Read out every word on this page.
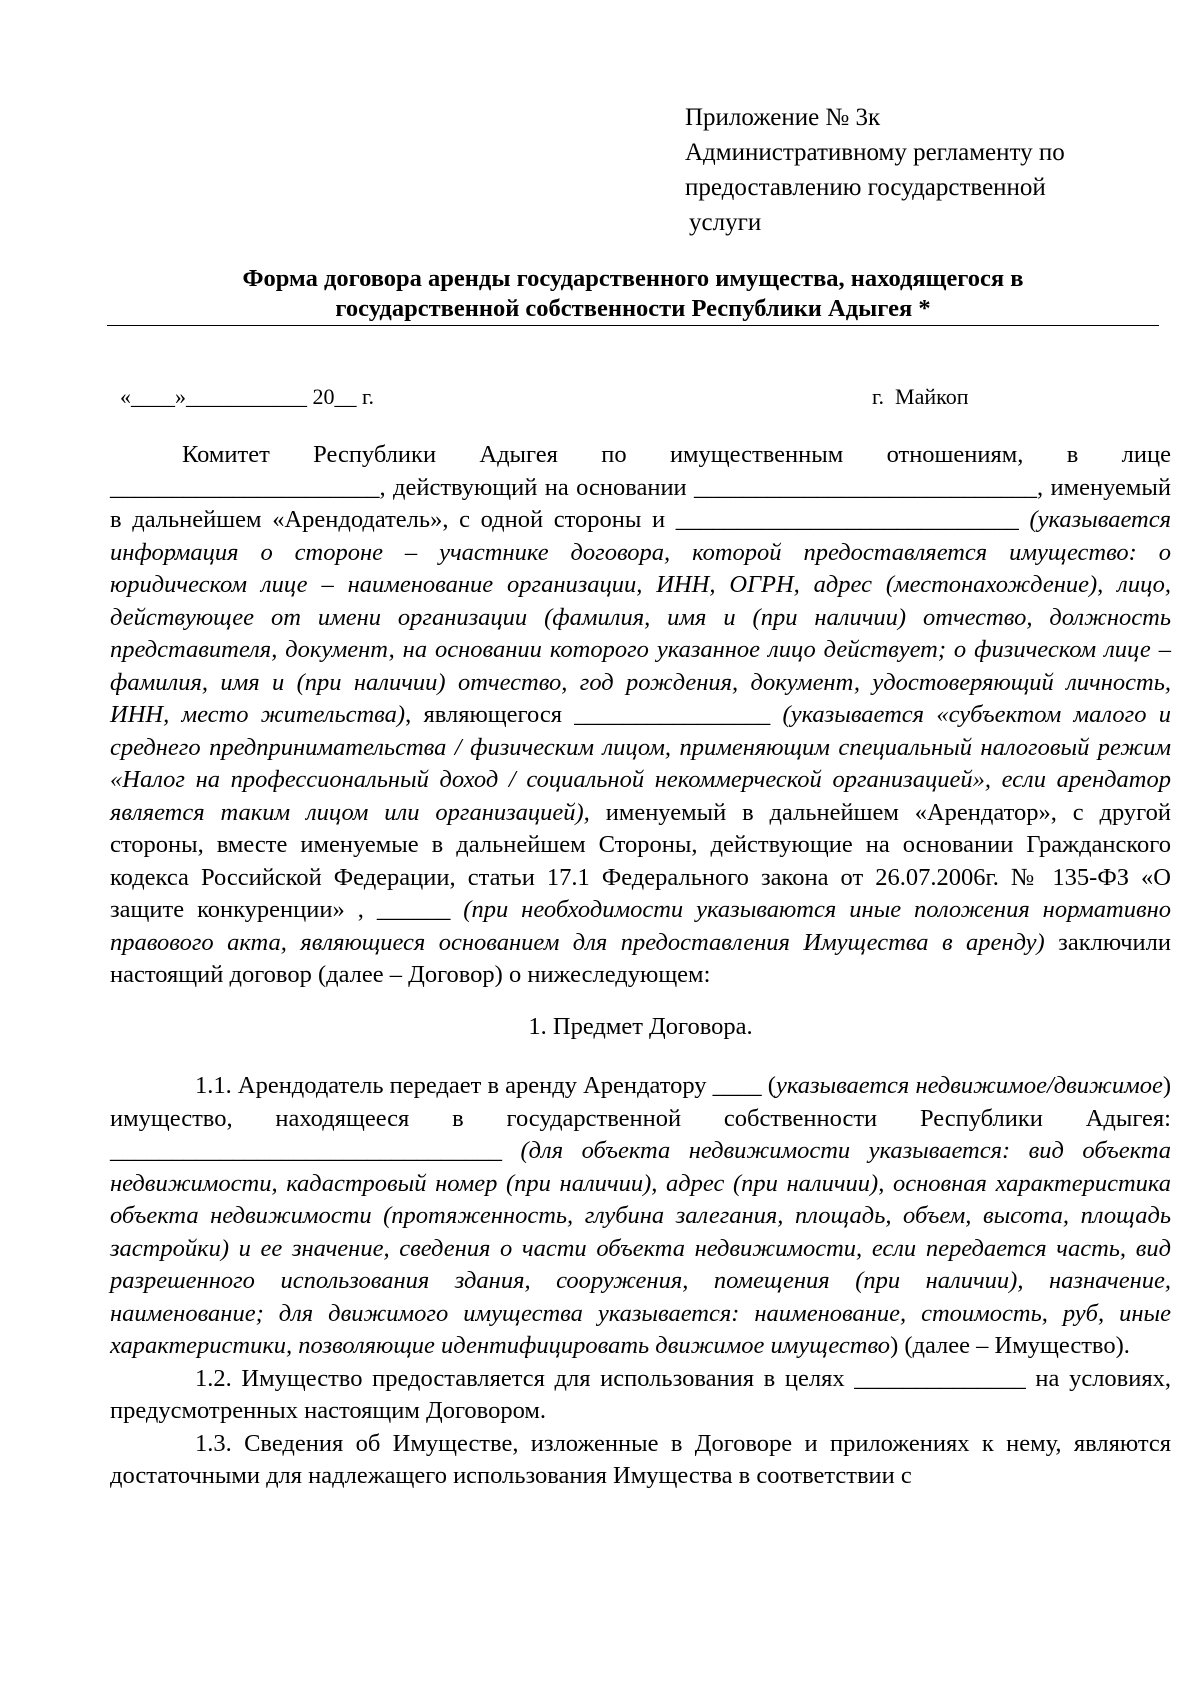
Приложение № 3к
Административному регламенту по
предоставлению государственной
услуги
Форма договора аренды государственного имущества, находящегося в
государственной собственности Республики Адыгея *
«____»___________ 20__ г.	г.  Майкоп

Комитет Республики Адыгея по имущественным отношениям, в лице ______________________, действующий на основании ____________________________, именуемый в дальнейшем «Арендодатель», с одной стороны и ____________________________ (указывается информация о стороне – участнике договора, которой предоставляется имущество: о юридическом лице – наименование организации, ИНН, ОГРН, адрес (местонахождение), лицо, действующее от имени организации (фамилия, имя и (при наличии) отчество, должность представителя, документ, на основании которого указанное лицо действует; о физическом лице – фамилия, имя и (при наличии) отчество, год рождения, документ, удостоверяющий личность, ИНН, место жительства), являющегося ________________ (указывается «субъектом малого и среднего предпринимательства / физическим лицом, применяющим специальный налоговый режим «Налог на профессиональный доход / социальной некоммерческой организацией», если арендатор является таким лицом или организацией), именуемый в дальнейшем «Арендатор», с другой стороны, вместе именуемые в дальнейшем Стороны, действующие на основании Гражданского кодекса Российской Федерации, статьи 17.1 Федерального закона от 26.07.2006г. № 135-ФЗ «О защите конкуренции» , ______ (при необходимости указываются иные положения нормативно правового акта, являющиеся основанием для предоставления Имущества в аренду) заключили настоящий договор (далее – Договор) о нижеследующем:

1. Предмет Договора.

1.1. Арендодатель передает в аренду Арендатору ____ (указывается недвижимое/движимое) имущество, находящееся в государственной собственности Республики Адыгея: ________________________________ (для объекта недвижимости указывается: вид объекта недвижимости, кадастровый номер (при наличии), адрес (при наличии), основная характеристика объекта недвижимости (протяженность, глубина залегания, площадь, объем, высота, площадь застройки) и ее значение, сведения о части объекта недвижимости, если передается часть, вид разрешенного использования здания, сооружения, помещения (при наличии), назначение, наименование; для движимого имущества указывается: наименование, стоимость, руб, иные характеристики, позволяющие идентифицировать движимое имущество) (далее – Имущество).

1.2. Имущество предоставляется для использования в целях ______________ на условиях, предусмотренных настоящим Договором.

1.3. Сведения об Имуществе, изложенные в Договоре и приложениях к нему, являются достаточными для надлежащего использования Имущества в соответствии с
